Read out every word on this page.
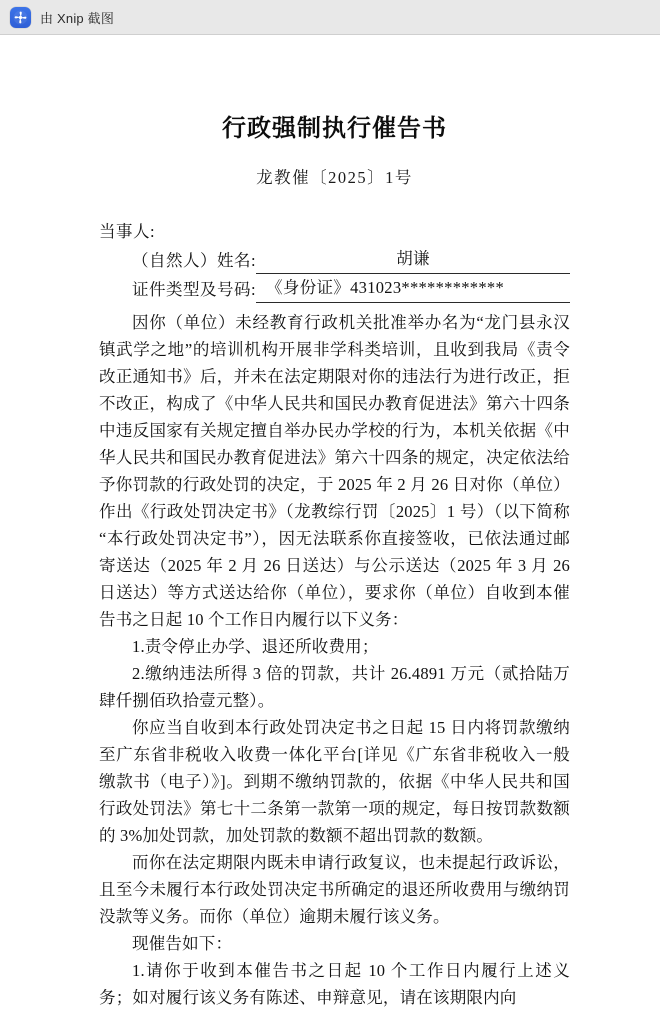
由 Xnip 截图
行政强制执行催告书
龙教催〔2025〕1号
当事人:
（自然人）姓名:	胡谦
证件类型及号码: 《身份证》431023************

因你（单位）未经教育行政机关批准举办名为“龙门县永汉镇武学之地”的培训机构开展非学科类培训，且收到我局《责令改正通知书》后，并未在法定期限对你的违法行为进行改正，拒不改正，构成了《中华人民共和国民办教育促进法》第六十四条中违反国家有关规定擅自举办民办学校的行为，本机关依据《中华人民共和国民办教育促进法》第六十四条的规定，决定依法给予你罚款的行政处罚的决定，于 2025 年 2 月 26 日对你（单位）作出《行政处罚决定书》（龙教综行罚〔2025〕1 号）（以下简称“本行政处罚决定书”），因无法联系你直接签收，已依法通过邮寄送达（2025 年 2 月 26 日送达）与公示送达（2025 年 3 月 26 日送达）等方式送达给你（单位），要求你（单位）自收到本催告书之日起 10 个工作日内履行以下义务：

1.责令停止办学、退还所收费用；

2.缴纳违法所得 3 倍的罚款，共计 26.4891 万元（贰拾陆万肆仟捌佰玖拾壹元整）。

你应当自收到本行政处罚决定书之日起 15 日内将罚款缴纳至广东省非税收入收费一体化平台[详见《广东省非税收入一般缴款书（电子）》]。到期不缴纳罚款的，依据《中华人民共和国行政处罚法》第七十二条第一款第一项的规定，每日按罚款数额的 3%加处罚款，加处罚款的数额不超出罚款的数额。

而你在法定期限内既未申请行政复议，也未提起行政诉讼，且至今未履行本行政处罚决定书所确定的退还所收费用与缴纳罚没款等义务。而你（单位）逾期未履行该义务。

现催告如下：

1.请你于收到本催告书之日起 10 个工作日内履行上述义务；如对履行该义务有陈述、申辩意见，请在该期限内向
